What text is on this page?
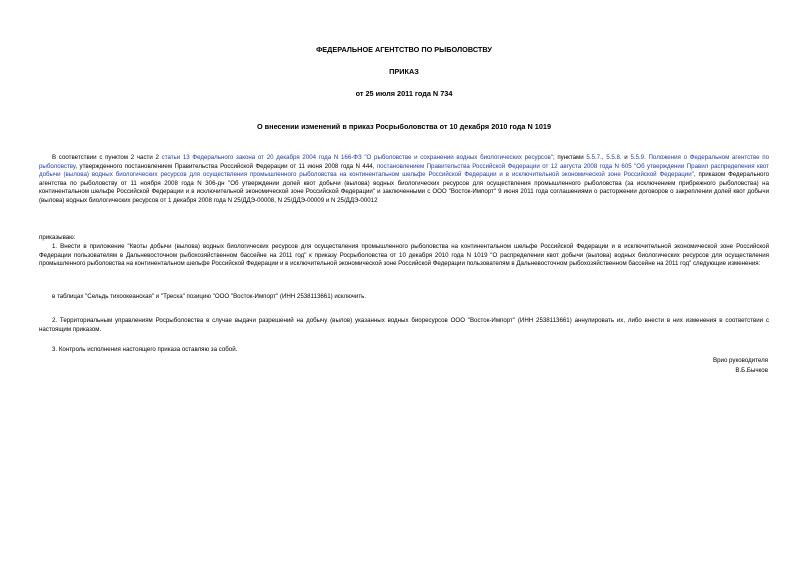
ФЕДЕРАЛЬНОЕ АГЕНТСТВО ПО РЫБОЛОВСТВУ
ПРИКАЗ
от 25 июля 2011 года N 734
О внесении изменений в приказ Росрыболовства от 10 декабря 2010 года N 1019
В соответствии с пунктом 2 части 2 статьи 13 Федерального закона от 20 декабря 2004 года N 166-ФЗ "О рыболовстве и сохранении водных биологических ресурсов"; пунктами 5.5.7., 5.5.8. и 5.5.9. Положения о Федеральном агентстве по рыболовству, утвержденного постановлением Правительства Российской Федерации от 11 июня 2008 года N 444, постановлением Правительства Российской Федерации от 12 августа 2008 года N 605 "Об утверждении Правил распределения квот добычи (вылова) водных биологических ресурсов для осуществления промышленного рыболовства на континентальном шельфе Российской Федерации и в исключительной экономической зоне Российской Федерации", приказом Федерального агентства по рыболовству от 11 ноября 2008 года N 306-дн "Об утверждении долей квот добычи (вылова) водных биологических ресурсов для осуществления промышленного рыболовства (за исключением прибрежного рыболовства) на континентальном шельфе Российской Федерации и в исключительной экономической зоне Российской Федерации" и заключенными с ООО "Восток-Импорт" 9 июня 2011 года соглашениями о расторжении договоров о закреплении долей квот добычи (вылова) водных биологических ресурсов от 1 декабря 2008 года N 25/ДДЭ-00008, N 25/ДДЭ-00009 и N 25/ДДЭ-00012
приказываю:
1. Внести в приложение "Квоты добычи (вылова) водных биологических ресурсов для осуществления промышленного рыболовства на континентальном шельфе Российской Федерации и в исключительной экономической зоне Российской Федерации пользователям в Дальневосточном рыбохозяйственном бассейне на 2011 год" к приказу Росрыболовства от 10 декабря 2010 года N 1019 "О распределении квот добычи (вылова) водных биологических ресурсов для осуществления промышленного рыболовства на континентальном шельфе Российской Федерации и в исключительной экономической зоне Российской Федерации пользователям в Дальневосточном рыбохозяйственном бассейне на 2011 год" следующие изменения:
в таблицах "Сельдь тихоокеанская" и "Треска" позицию "ООО "Восток-Импорт" (ИНН 2538113661) исключить.
2. Территориальным управлениям Росрыболовства в случае выдачи разрешений на добычу (вылов) указанных водных биоресурсов ООО "Восток-Импорт" (ИНН 2538113661) аннулировать их, либо внести в них изменения в соответствии с настоящим приказом.
3. Контроль исполнения настоящего приказа оставляю за собой.
Врио руководителя
В.Б.Бычков
